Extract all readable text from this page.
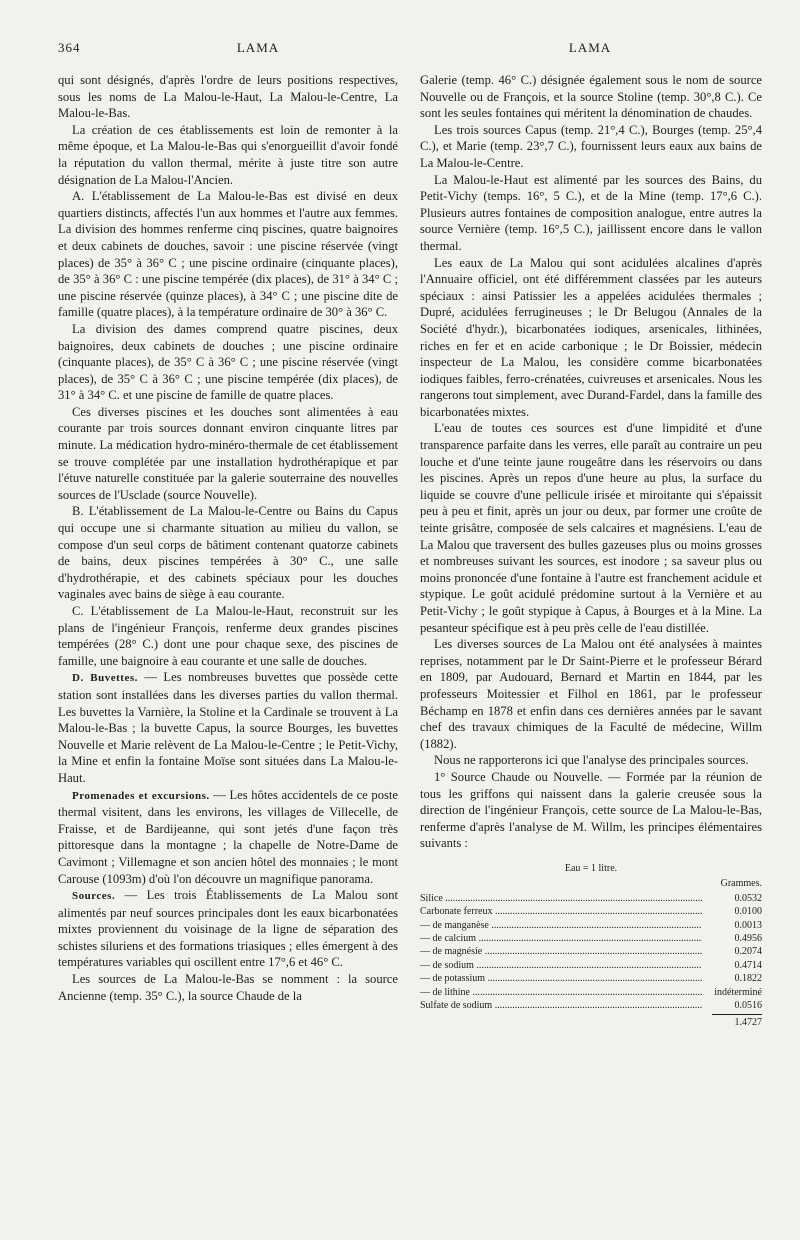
364	LAMA	LAMA

qui sont désignés, d'après l'ordre de leurs positions respectives, sous les noms de La Malou-le-Haut, La Malou-le-Centre, La Malou-le-Bas.

La création de ces établissements est loin de remonter à la même époque, et La Malou-le-Bas qui s'enorgueillit d'avoir fondé la réputation du vallon thermal, mérite à juste titre son autre désignation de La Malou-l'Ancien.

A. L'établissement de La Malou-le-Bas est divisé en deux quartiers distincts, affectés l'un aux hommes et l'autre aux femmes. La division des hommes renferme cinq piscines, quatre baignoires et deux cabinets de douches, savoir : une piscine réservée (vingt places) de 35° à 36° C ; une piscine ordinaire (cinquante places), de 35° à 36° C : une piscine tempérée (dix places), de 31° à 34° C ; une piscine réservée (quinze places), à 34° C ; une piscine dite de famille (quatre places), à la température ordinaire de 30° à 36° C.

La division des dames comprend quatre piscines, deux baignoires, deux cabinets de douches ; une piscine ordinaire (cinquante places), de 35° C à 36° C ; une piscine réservée (vingt places), de 35° C à 36° C ; une piscine tempérée (dix places), de 31° à 34° C. et une piscine de famille de quatre places.

Ces diverses piscines et les douches sont alimentées à eau courante par trois sources donnant environ cinquante litres par minute. La médication hydro-minéro-thermale de cet établissement se trouve complétée par une installation hydrothérapique et par l'étuve naturelle constituée par la galerie souterraine des nouvelles sources de l'Usclade (source Nouvelle).

B. L'établissement de La Malou-le-Centre ou Bains du Capus qui occupe une si charmante situation au milieu du vallon, se compose d'un seul corps de bâtiment contenant quatorze cabinets de bains, deux piscines tempérées à 30° C., une salle d'hydrothérapie, et des cabinets spéciaux pour les douches vaginales avec bains de siège à eau courante.

C. L'établissement de La Malou-le-Haut, reconstruit sur les plans de l'ingénieur François, renferme deux grandes piscines tempérées (28° C.) dont une pour chaque sexe, des piscines de famille, une baignoire à eau courante et une salle de douches.

D. Buvettes. — Les nombreuses buvettes que possède cette station sont installées dans les diverses parties du vallon thermal. Les buvettes la Varnière, la Stoline et la Cardinale se trouvent à La Malou-le-Bas ; la buvette Capus, la source Bourges, les buvettes Nouvelle et Marie relèvent de La Malou-le-Centre ; le Petit-Vichy, la Mine et enfin la fontaine Moïse sont situées dans La Malou-le-Haut.

Promenades et excursions. — Les hôtes accidentels de ce poste thermal visitent, dans les environs, les villages de Villecelle, de Fraisse, et de Bardijeanne, qui sont jetés d'une façon très pittoresque dans la montagne ; la chapelle de Notre-Dame de Cavimont ; Villemagne et son ancien hôtel des monnaies ; le mont Carouse (1093m) d'où l'on découvre un magnifique panorama.

Sources. — Les trois Établissements de La Malou sont alimentés par neuf sources principales dont les eaux bicarbonatées mixtes proviennent du voisinage de la ligne de séparation des schistes siluriens et des formations triasiques ; elles émergent à des températures variables qui oscillent entre 17°,6 et 46° C.

Les sources de La Malou-le-Bas se nomment : la source Ancienne (temp. 35° C.), la source Chaude de la

Galerie (temp. 46° C.) désignée également sous le nom de source Nouvelle ou de François, et la source Stoline (temp. 30°,8 C.). Ce sont les seules fontaines qui méritent la dénomination de chaudes.

Les trois sources Capus (temp. 21°,4 C.), Bourges (temp. 25°,4 C.), et Marie (temp. 23°,7 C.), fournissent leurs eaux aux bains de La Malou-le-Centre.

La Malou-le-Haut est alimenté par les sources des Bains, du Petit-Vichy (temps. 16°, 5 C.), et de la Mine (temp. 17°,6 C.). Plusieurs autres fontaines de composition analogue, entre autres la source Vernière (temp. 16°,5 C.), jaillissent encore dans le vallon thermal.

Les eaux de La Malou qui sont acidulées alcalines d'après l'Annuaire officiel, ont été différemment classées par les auteurs spéciaux : ainsi Patissier les a appelées acidulées thermales ; Dupré, acidulées ferrugineuses ; le Dr Belugou (Annales de la Société d'hydr.), bicarbonatées iodiques, arsenicales, lithinées, riches en fer et en acide carbonique ; le Dr Boissier, médecin inspecteur de La Malou, les considère comme bicarbonatées iodiques faibles, ferro-crénatées, cuivreuses et arsenicales. Nous les rangerons tout simplement, avec Durand-Fardel, dans la famille des bicarbonatées mixtes.

L'eau de toutes ces sources est d'une limpidité et d'une transparence parfaite dans les verres, elle paraît au contraire un peu louche et d'une teinte jaune rougeâtre dans les réservoirs ou dans les piscines. Après un repos d'une heure au plus, la surface du liquide se couvre d'une pellicule irisée et miroitante qui s'épaissit peu à peu et finit, après un jour ou deux, par former une croûte de teinte grisâtre, composée de sels calcaires et magnésiens. L'eau de La Malou que traversent des bulles gazeuses plus ou moins grosses et nombreuses suivant les sources, est inodore ; sa saveur plus ou moins prononcée d'une fontaine à l'autre est franchement acidule et stypique. Le goût acidulé prédomine surtout à la Vernière et au Petit-Vichy ; le goût stypique à Capus, à Bourges et à la Mine. La pesanteur spécifique est à peu près celle de l'eau distillée.

Les diverses sources de La Malou ont été analysées à maintes reprises, notamment par le Dr Saint-Pierre et le professeur Bérard en 1809, par Audouard, Bernard et Martin en 1844, par les professeurs Moitessier et Filhol en 1861, par le professeur Béchamp en 1878 et enfin dans ces dernières années par le savant chef des travaux chimiques de la Faculté de médecine, Willm (1882).

Nous ne rapporterons ici que l'analyse des principales sources.

1° Source Chaude ou Nouvelle. — Formée par la réunion de tous les griffons qui naissent dans la galerie creusée sous la direction de l'ingénieur François, cette source de La Malou-le-Bas, renferme d'après l'analyse de M. Willm, les principes élémentaires suivants :

Eau = 1 litre.
Grammes.
Silice .....	0.0532
Carbonate ferreux .....	0.0100
— de manganèse .....	0.0013
— de calcium .....	0.4956
— de magnésie .....	0.2074
— de sodium .....	0.4714
— de potassium .....	0.1822
— de lithine .....	indéterminé
Sulfate de sodium .....	0.0516
1.4727
